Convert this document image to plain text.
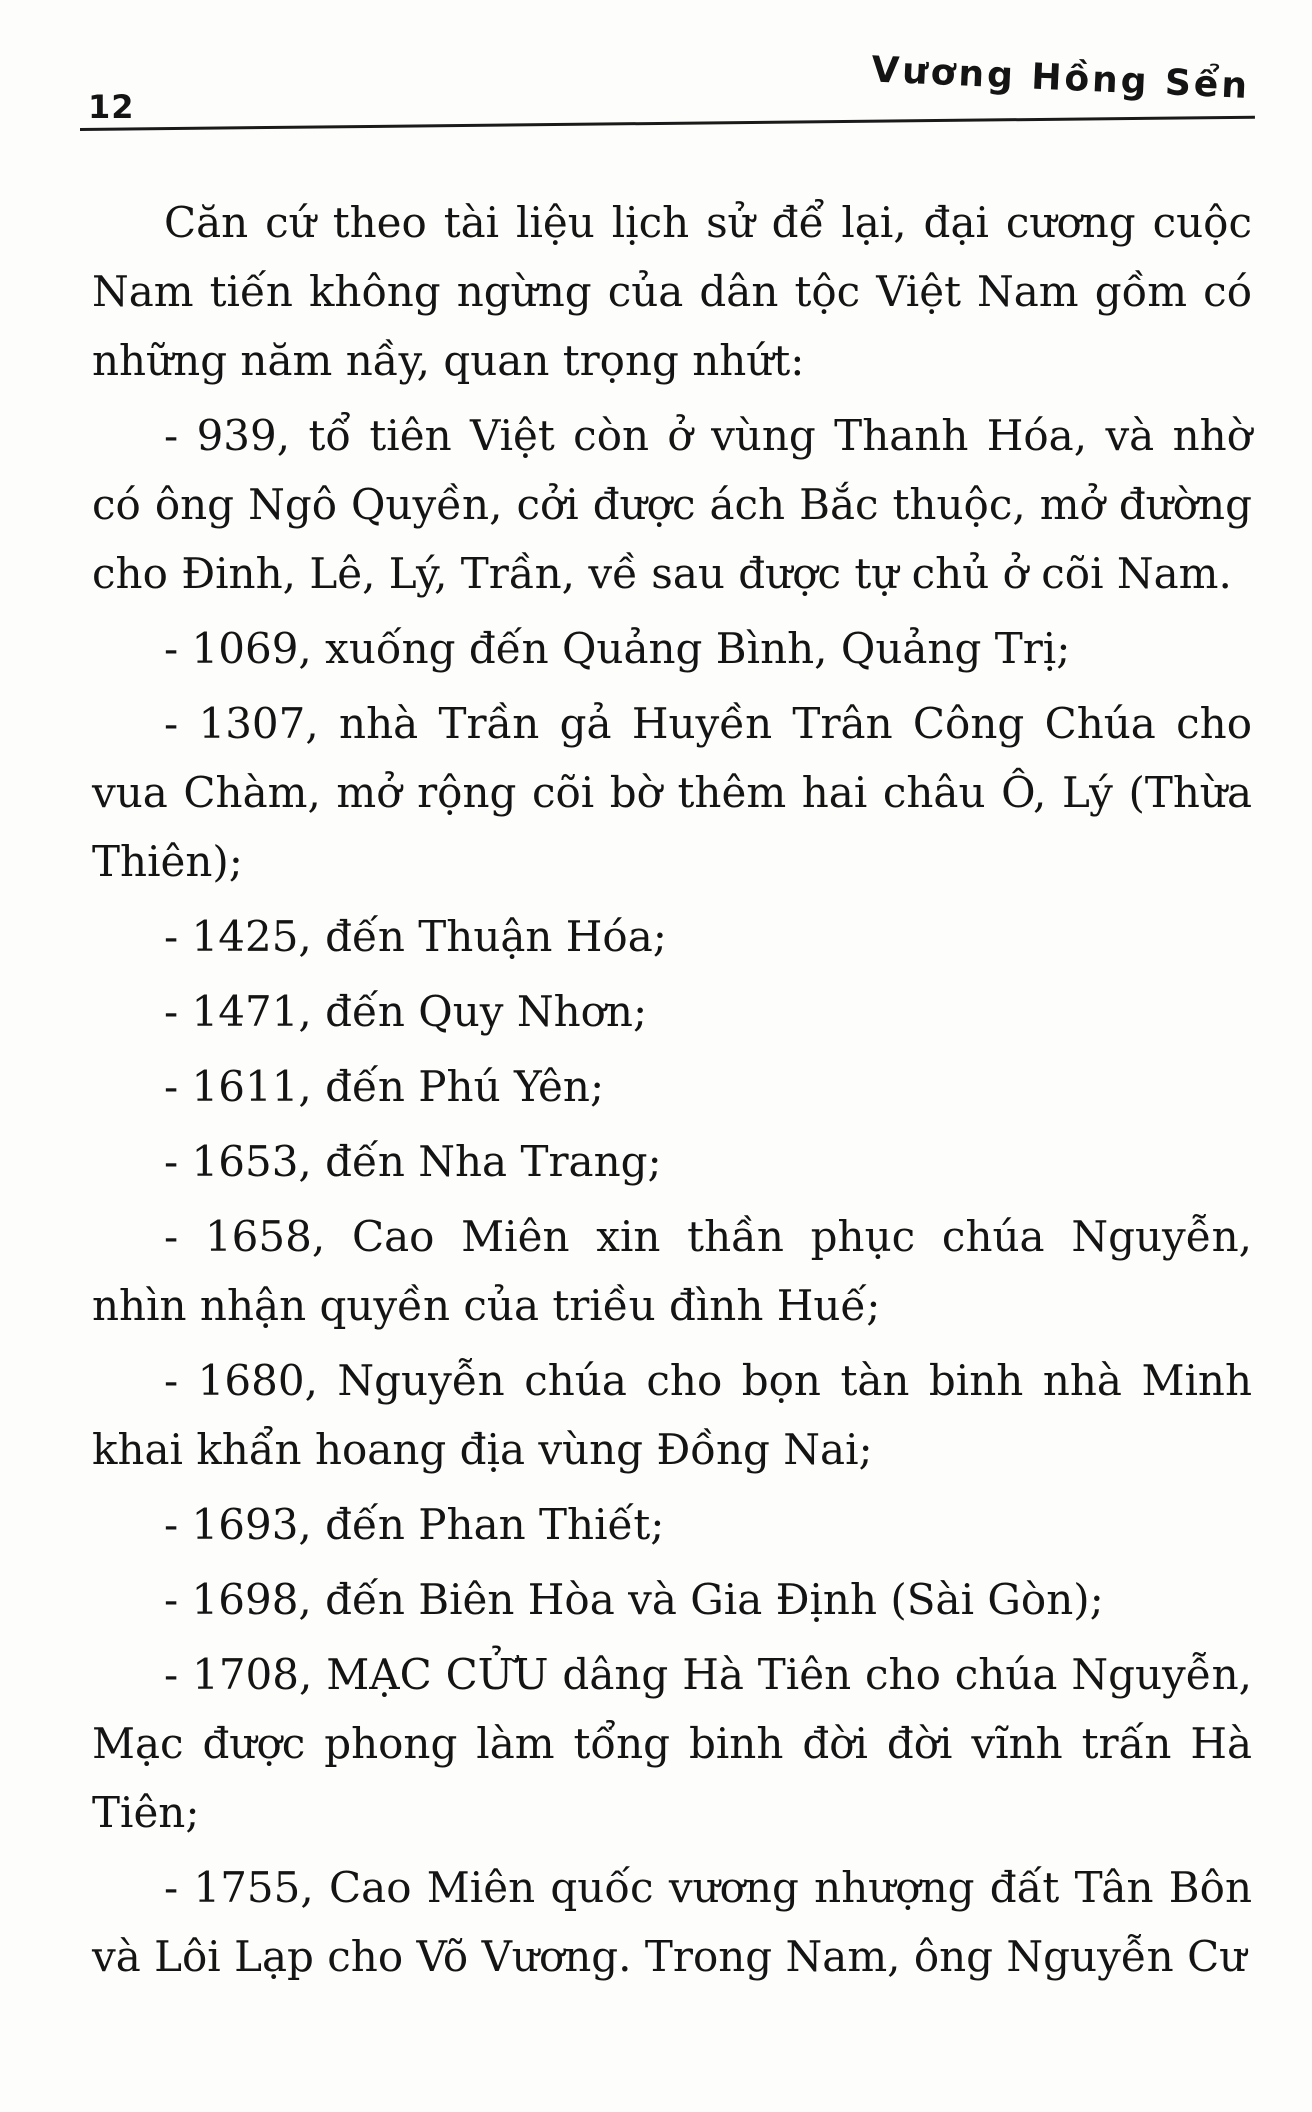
12
Vương Hồng Sển

Căn cứ theo tài liệu lịch sử để lại, đại cương cuộc Nam tiến không ngừng của dân tộc Việt Nam gồm có những năm nầy, quan trọng nhứt:

- 939, tổ tiên Việt còn ở vùng Thanh Hóa, và nhờ có ông Ngô Quyền, cởi được ách Bắc thuộc, mở đường cho Đinh, Lê, Lý, Trần, về sau được tự chủ ở cõi Nam.

- 1069, xuống đến Quảng Bình, Quảng Trị;

- 1307, nhà Trần gả Huyền Trân Công Chúa cho vua Chàm, mở rộng cõi bờ thêm hai châu Ô, Lý (Thừa Thiên);

- 1425, đến Thuận Hóa;

- 1471, đến Quy Nhơn;

- 1611, đến Phú Yên;

- 1653, đến Nha Trang;

- 1658, Cao Miên xin thần phục chúa Nguyễn, nhìn nhận quyền của triều đình Huế;

- 1680, Nguyễn chúa cho bọn tàn binh nhà Minh khai khẩn hoang địa vùng Đồng Nai;

- 1693, đến Phan Thiết;

- 1698, đến Biên Hòa và Gia Định (Sài Gòn);

- 1708, MẠC CỬU dâng Hà Tiên cho chúa Nguyễn, Mạc được phong làm tổng binh đời đời vĩnh trấn Hà Tiên;

- 1755, Cao Miên quốc vương nhượng đất Tân Bôn và Lôi Lạp cho Võ Vương. Trong Nam, ông Nguyễn Cư
